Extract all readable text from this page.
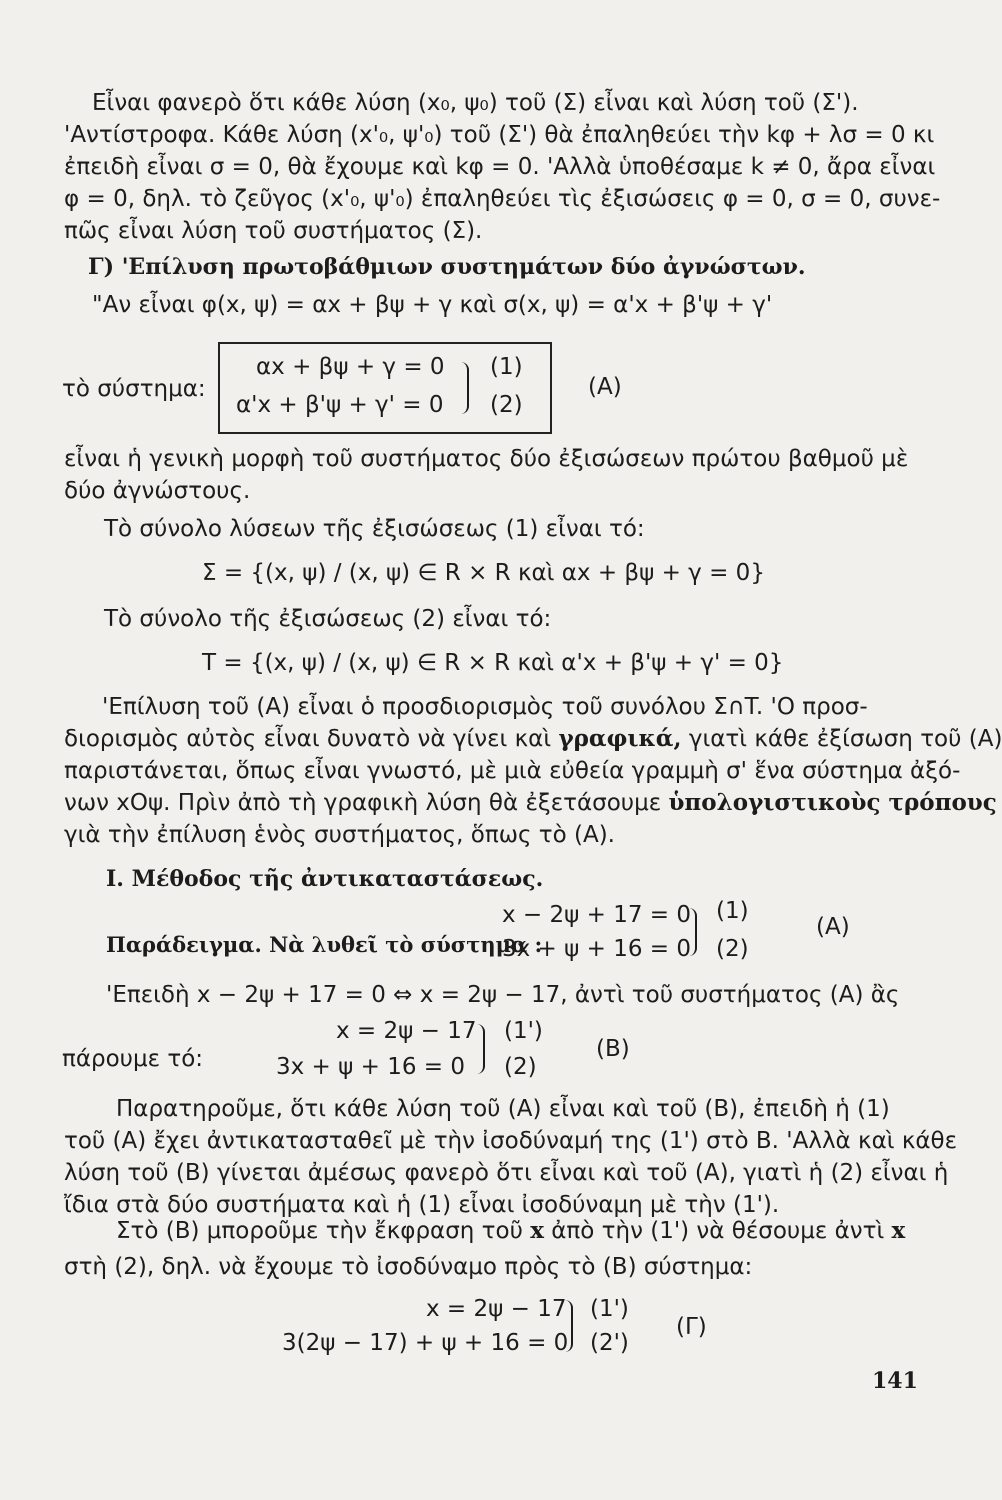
Εἶναι φανερὸ ὅτι κάθε λύση (x₀, ψ₀) τοῦ (Σ) εἶναι καὶ λύση τοῦ (Σ').
'Αντίστροφα. Κάθε λύση (x'₀, ψ'₀) τοῦ (Σ') θὰ ἐπαληθεύει τὴν kφ + λσ = 0 κι
ἐπειδὴ εἶναι σ = 0, θὰ ἔχουμε καὶ kφ = 0. 'Αλλὰ ὑποθέσαμε k ≠ 0, ἄρα εἶναι
φ = 0, δηλ. τὸ ζεῦγος (x'₀, ψ'₀) ἐπαληθεύει τὶς ἐξισώσεις φ = 0, σ = 0, συνε-
πῶς εἶναι λύση τοῦ συστήματος (Σ).
Γ) 'Επίλυση πρωτοβάθμιων συστημάτων δύο ἀγνώστων.
"Αν εἶναι φ(x, ψ) = αx + βψ + γ καὶ σ(x, ψ) = α'x + β'ψ + γ'
τὸ σύστημα:
αx + βψ + γ = 0
α'x + β'ψ + γ' = 0
(1)
(2)
(A)
εἶναι ἡ γενικὴ μορφὴ τοῦ συστήματος δύο ἐξισώσεων πρώτου βαθμοῦ μὲ
δύο ἀγνώστους.
Τὸ σύνολο λύσεων τῆς ἐξισώσεως (1) εἶναι τό:
Σ = {(x, ψ) / (x, ψ) ∈ R × R καὶ αx + βψ + γ = 0}
Τὸ σύνολο τῆς ἐξισώσεως (2) εἶναι τό:
T = {(x, ψ) / (x, ψ) ∈ R × R καὶ α'x + β'ψ + γ' = 0}
'Επίλυση τοῦ (A) εἶναι ὁ προσδιορισμὸς τοῦ συνόλου Σ∩T. 'Ο προσ-
διορισμὸς αὐτὸς εἶναι δυνατὸ νὰ γίνει καὶ γραφικά, γιατὶ κάθε ἐξίσωση τοῦ (A)
παριστάνεται, ὅπως εἶναι γνωστό, μὲ μιὰ εὐθεία γραμμὴ σ' ἕνα σύστημα ἀξό-
νων xOψ. Πρὶν ἀπὸ τὴ γραφικὴ λύση θὰ ἐξετάσουμε ὑπολογιστικοὺς τρόπους
γιὰ τὴν ἐπίλυση ἑνὸς συστήματος, ὅπως τὸ (A).
I. Μέθοδος τῆς ἀντικαταστάσεως.
Παράδειγμα. Νὰ λυθεῖ τὸ σύστημα :
x − 2ψ + 17 = 0
3x + ψ + 16 = 0
(1)
(2)
(A)
'Επειδὴ x − 2ψ + 17 = 0 ⇔ x = 2ψ − 17, ἀντὶ τοῦ συστήματος (A) ἂς
πάρουμε τό:
x = 2ψ − 17
3x + ψ + 16 = 0
(1')
(2)
(B)
Παρατηροῦμε, ὅτι κάθε λύση τοῦ (A) εἶναι καὶ τοῦ (B), ἐπειδὴ ἡ (1)
τοῦ (A) ἔχει ἀντικατασταθεῖ μὲ τὴν ἰσοδύναμή της (1') στὸ B. 'Αλλὰ καὶ κάθε
λύση τοῦ (B) γίνεται ἀμέσως φανερὸ ὅτι εἶναι καὶ τοῦ (A), γιατὶ ἡ (2) εἶναι ἡ
ἴδια στὰ δύο συστήματα καὶ ἡ (1) εἶναι ἰσοδύναμη μὲ τὴν (1').
Στὸ (B) μποροῦμε τὴν ἔκφραση τοῦ x ἀπὸ τὴν (1') νὰ θέσουμε ἀντὶ x
στὴ (2), δηλ. νὰ ἔχουμε τὸ ἰσοδύναμο πρὸς τὸ (B) σύστημα:
x = 2ψ − 17
3(2ψ − 17) + ψ + 16 = 0
(1')
(2')
(Γ)
141
